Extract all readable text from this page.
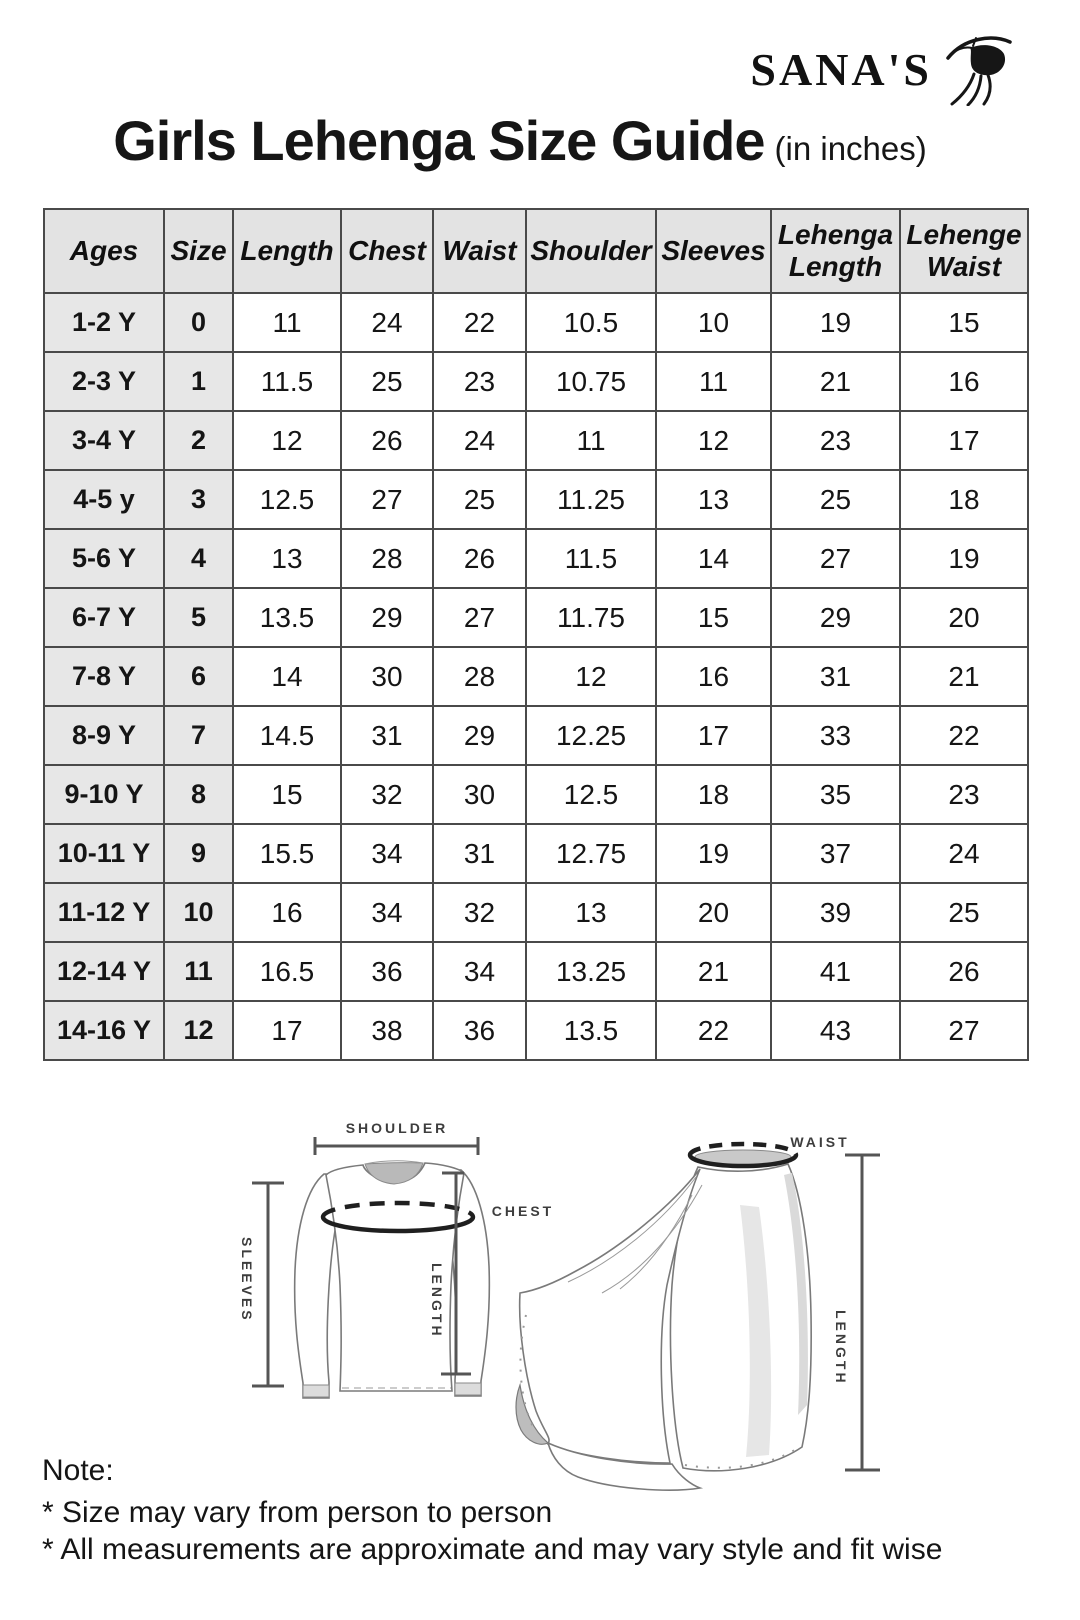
SANA'S
Girls Lehenga Size Guide (in inches)
Ages	Size	Length	Chest	Waist	Shoulder	Sleeves	Lehenga Length	Lehenge Waist
1-2 Y	0	11	24	22	10.5	10	19	15
2-3 Y	1	11.5	25	23	10.75	11	21	16
3-4 Y	2	12	26	24	11	12	23	17
4-5 y	3	12.5	27	25	11.25	13	25	18
5-6 Y	4	13	28	26	11.5	14	27	19
6-7 Y	5	13.5	29	27	11.75	15	29	20
7-8 Y	6	14	30	28	12	16	31	21
8-9 Y	7	14.5	31	29	12.25	17	33	22
9-10 Y	8	15	32	30	12.5	18	35	23
10-11 Y	9	15.5	34	31	12.75	19	37	24
11-12 Y	10	16	34	32	13	20	39	25
12-14 Y	11	16.5	36	34	13.25	21	41	26
14-16 Y	12	17	38	36	13.5	22	43	27
SHOULDER
CHEST
SLEEVES	LENGTH
WAIST
LENGTH
Note:
* Size may vary from person to person
* All measurements are approximate and may vary style and fit wise
